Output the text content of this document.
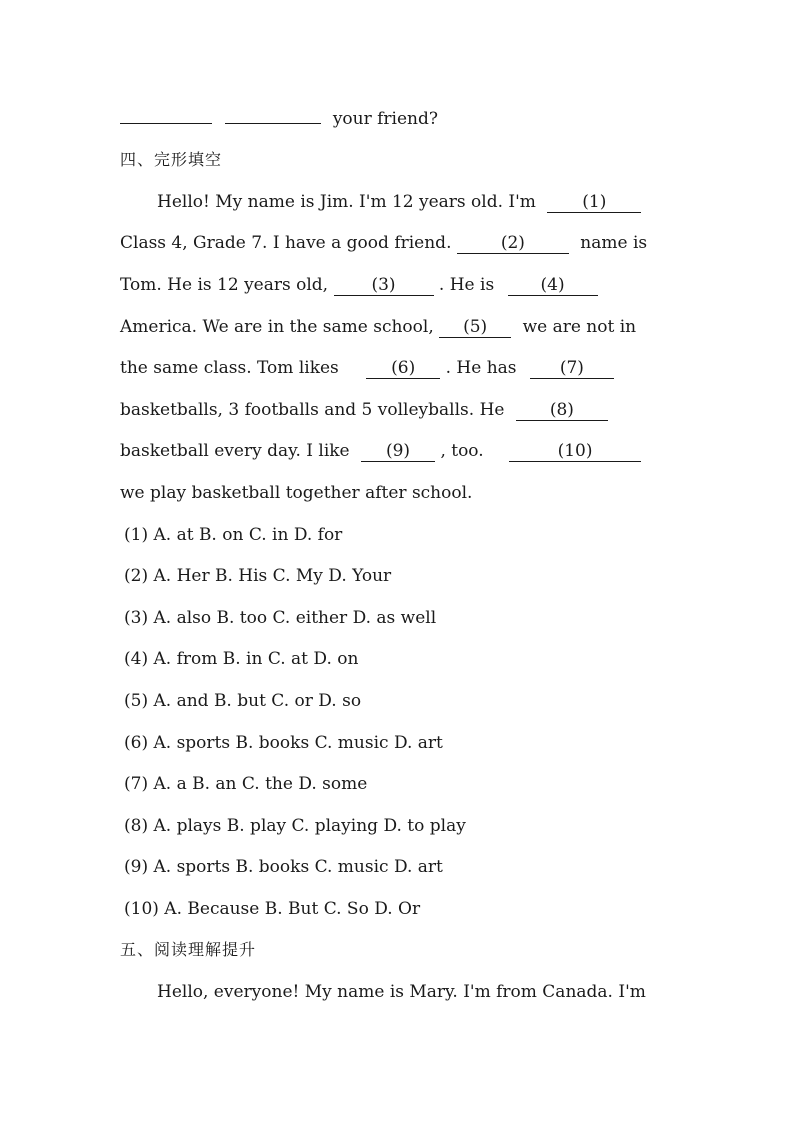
your friend?
四、完形填空
Hello! My name is Jim. I'm 12 years old. I'm	(1)
Class 4, Grade 7. I have a good friend.	(2)	name is
Tom. He is 12 years old,	(3)	. He is	(4)
America. We are in the same school, (5) we are not in
the same class. Tom likes	(6) . He has	(7)
basketballs, 3 footballs and 5 volleyballs. He	(8)
basketball every day. I like (9) , too.	(10)
we play basketball together after school.
(1) A. at B. on C. in D. for
(2) A. Her B. His C. My D. Your
(3) A. also B. too C. either D. as well
(4) A. from B. in C. at D. on
(5) A. and B. but C. or D. so
(6) A. sports B. books C. music D. art
(7) A. a B. an C. the D. some
(8) A. plays B. play C. playing D. to play
(9) A. sports B. books C. music D. art
(10) A. Because B. But C. So D. Or
五、阅读理解提升
Hello, everyone! My name is Mary. I'm from Canada. I'm
